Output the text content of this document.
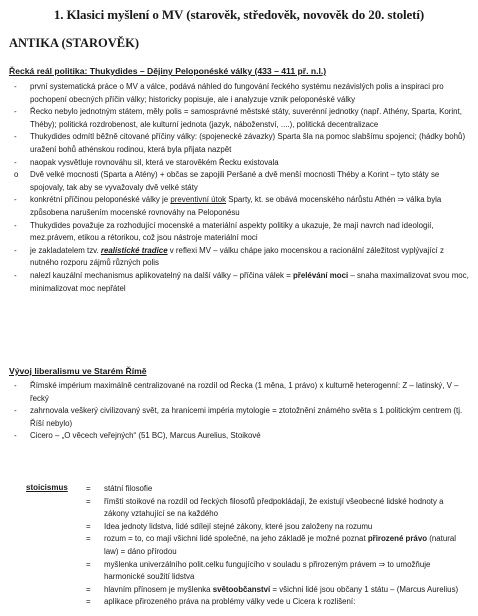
1. Klasici myšlení o MV (starověk, středověk, novověk do 20. století)
ANTIKA (STAROVĚK)
Řecká reál politika: Thukydides – Dějiny Peloponéské války (433 – 411 př. n.l.)
- první systematická práce o MV a válce, podává náhled do fungování řeckého systému nezávislých polis a inspiraci pro pochopení obecných příčin války; historicky popisuje, ale i analyzuje vznik peloponéské války
- Řecko nebylo jednotným státem, měly polis = samosprávné městské státy, suverénní jednotky (např. Athény, Sparta, Korint, Théby); politická rozdrobenost, ale kulturní jednota (jazyk, náboženství, ....), politická decentralizace
- Thukydides odmítl běžně citované příčiny války: (spojenecké závazky) Sparta šla na pomoc slabšímu spojenci; (hádky bohů) uražení bohů athénskou rodinou, která byla přijata nazpět
- naopak vysvětluje rovnováhu sil, která ve starověkém Řecku existovala
o Dvě velké mocnosti (Sparta a Atény) + občas se zapojili Peršané a dvě menší mocnosti Théby a Korint – tyto státy se spojovaly, tak aby se vyvažovaly dvě velké státy
- konkrétní příčinou peloponéské války je preventivní útok Sparty, kt. se obává mocenského nárůstu Athén ⇒ válka byla způsobena narušením mocenské rovnováhy na Peloponésu
- Thukydides považuje za rozhodující mocenské a materiální aspekty politiky a ukazuje, že mají navrch nad ideologií, mez.právem, etikou a rétorikou, což jsou nástroje materiální moci
- je zakladatelem tzv. realistické tradice v reflexi MV – válku chápe jako mocenskou a racionální záležitost vyplývající z nutného rozporu zájmů různých polis
- nalezl kauzální mechanismus aplikovatelný na další války – příčina válek = přelévání moci – snaha maximalizovat svou moc, minimalizovat moc nepřátel
Vývoj liberalismu ve Starém Římě
- Římské impérium maximálně centralizované na rozdíl od Řecka (1 měna, 1 právo) x kulturně heterogenní: Z – latinský, V – řecký
- zahrnovala veškerý civilizovaný svět, za hranicemi impéria mytologie = ztotožnění známého světa s 1 politickým centrem (tj. Říší nebylo)
- Cicero – „O věcech veřejných“ (51 BC), Marcus Aurelius, Stoikové
stoicismus = státní filosofie
= římští stoikové na rozdíl od řeckých filosofů předpokládají, že existují všeobecné lidské hodnoty a zákony vztahující se na každého
= Idea jednoty lidstva, lidé sdílejí stejné zákony, které jsou založeny na rozumu
= rozum = to, co mají všichni lidé společné, na jeho základě je možné poznat přirozené právo (natural law) = dáno přírodou
= myšlenka univerzálního polit.celku fungujícího v souladu s přirozeným právem ⇒ to umožňuje harmonické soužití lidstva
= hlavním přínosem je myšlenka světoobčanství = všichni lidé jsou občany 1 státu – (Marcus Aurelius)
= aplikace přirozeného práva na problémy války vede u Cicera k rozlišení:
